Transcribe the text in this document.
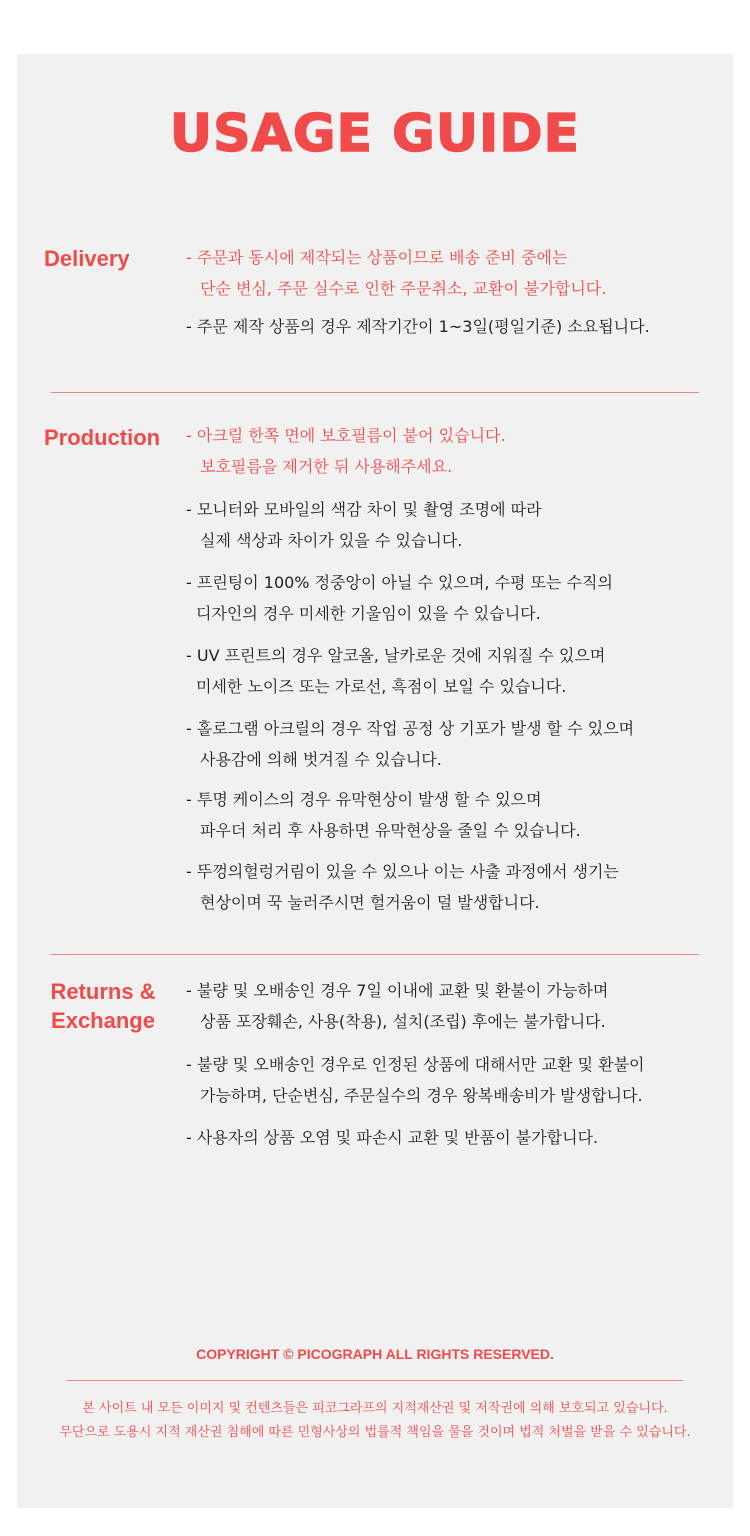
USAGE GUIDE
Delivery	- 주문과 동시에 제작되는 상품이므로 배송 준비 중에는
단순 변심, 주문 실수로 인한 주문취소, 교환이 불가합니다.
- 주문 제작 상품의 경우 제작기간이 1~3일(평일기준) 소요됩니다.
Production - 아크릴 한쪽 면에 보호필름이 붙어 있습니다.
보호필름을 제거한 뒤 사용해주세요.
- 모니터와 모바일의 색감 차이 및 촬영 조명에 따라
실제 색상과 차이가 있을 수 있습니다.
- 프린팅이 100% 정중앙이 아닐 수 있으며, 수평 또는 수직의
디자인의 경우 미세한 기울임이 있을 수 있습니다.
- UV 프린트의 경우 알코올, 날카로운 것에 지워질 수 있으며
미세한 노이즈 또는 가로선, 흑점이 보일 수 있습니다.
- 홀로그램 아크릴의 경우 작업 공정 상 기포가 발생 할 수 있으며
사용감에 의해 벗겨질 수 있습니다.
- 투명 케이스의 경우 유막현상이 발생 할 수 있으며
파우더 처리 후 사용하면 유막현상을 줄일 수 있습니다.
- 뚜껑의헐렁거림이 있을 수 있으나 이는 사출 과정에서 생기는
현상이며 꾹 눌러주시면 헐거움이 덜 발생합니다.
Returns &
Exchange
- 불량 및 오배송인 경우 7일 이내에 교환 및 환불이 가능하며
상품 포장훼손, 사용(착용), 설치(조립) 후에는 불가합니다.
- 불량 및 오배송인 경우로 인정된 상품에 대해서만 교환 및 환불이
가능하며, 단순변심, 주문실수의 경우 왕복배송비가 발생합니다.
- 사용자의 상품 오염 및 파손시 교환 및 반품이 불가합니다.
COPYRIGHT © PICOGRAPH ALL RIGHTS RESERVED.
본 사이트 내 모든 이미지 및 컨텐츠들은 피코그라프의 지적재산권 및 저작권에 의해 보호되고 있습니다.
무단으로 도용시 지적 재산권 침해에 따른 민형사상의 법률적 책임을 물을 것이며 법적 처벌을 받을 수 있습니다.
